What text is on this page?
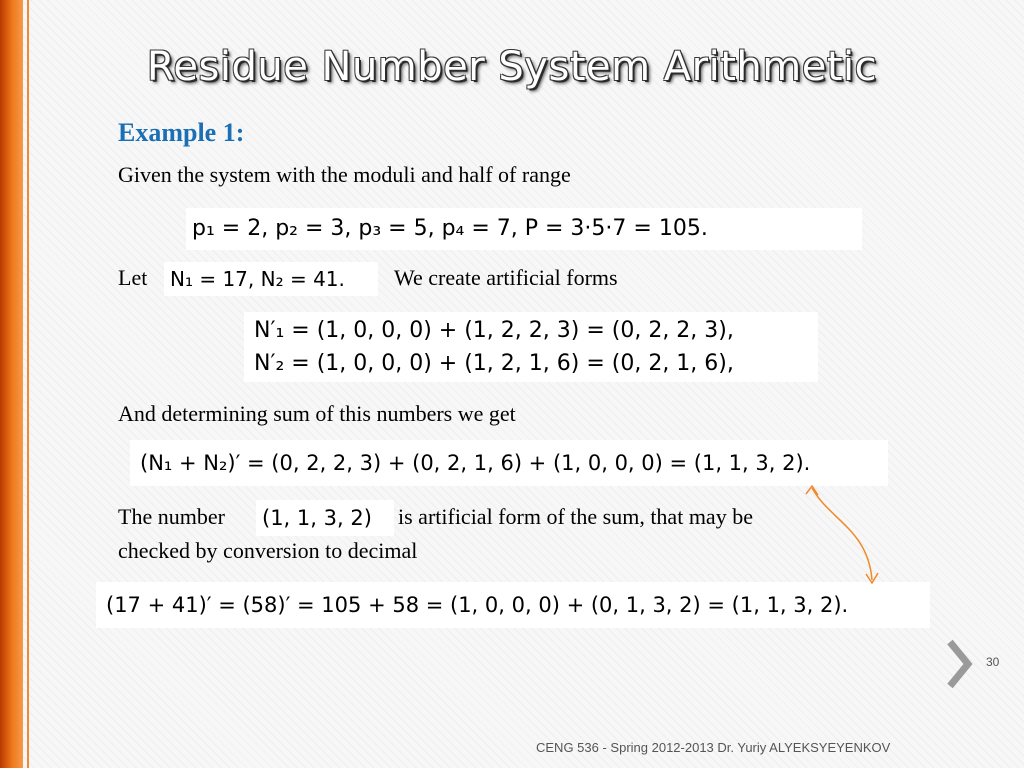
Residue Number System Arithmetic
Example 1:
Given the system with the moduli and half of range
p₁ = 2, p₂ = 3, p₃ = 5, p₄ = 7, P = 3·5·7 = 105.
Let	N₁ = 17, N₂ = 41.	We create artificial forms
N′₁ = (1, 0, 0, 0) + (1, 2, 2, 3) = (0, 2, 2, 3),
N′₂ = (1, 0, 0, 0) + (1, 2, 1, 6) = (0, 2, 1, 6),
And determining sum of this numbers we get
(N₁ + N₂)′ = (0, 2, 2, 3) + (0, 2, 1, 6) + (1, 0, 0, 0) = (1, 1, 3, 2).
The number (1, 1, 3, 2)	is artificial form of the sum, that may be
checked by conversion to decimal
(17 + 41)′ = (58)′ = 105 + 58 = (1, 0, 0, 0) + (0, 1, 3, 2) = (1, 1, 3, 2).
30
CENG 536 - Spring 2012-2013 Dr. Yuriy ALYEKSYEYENKOV
